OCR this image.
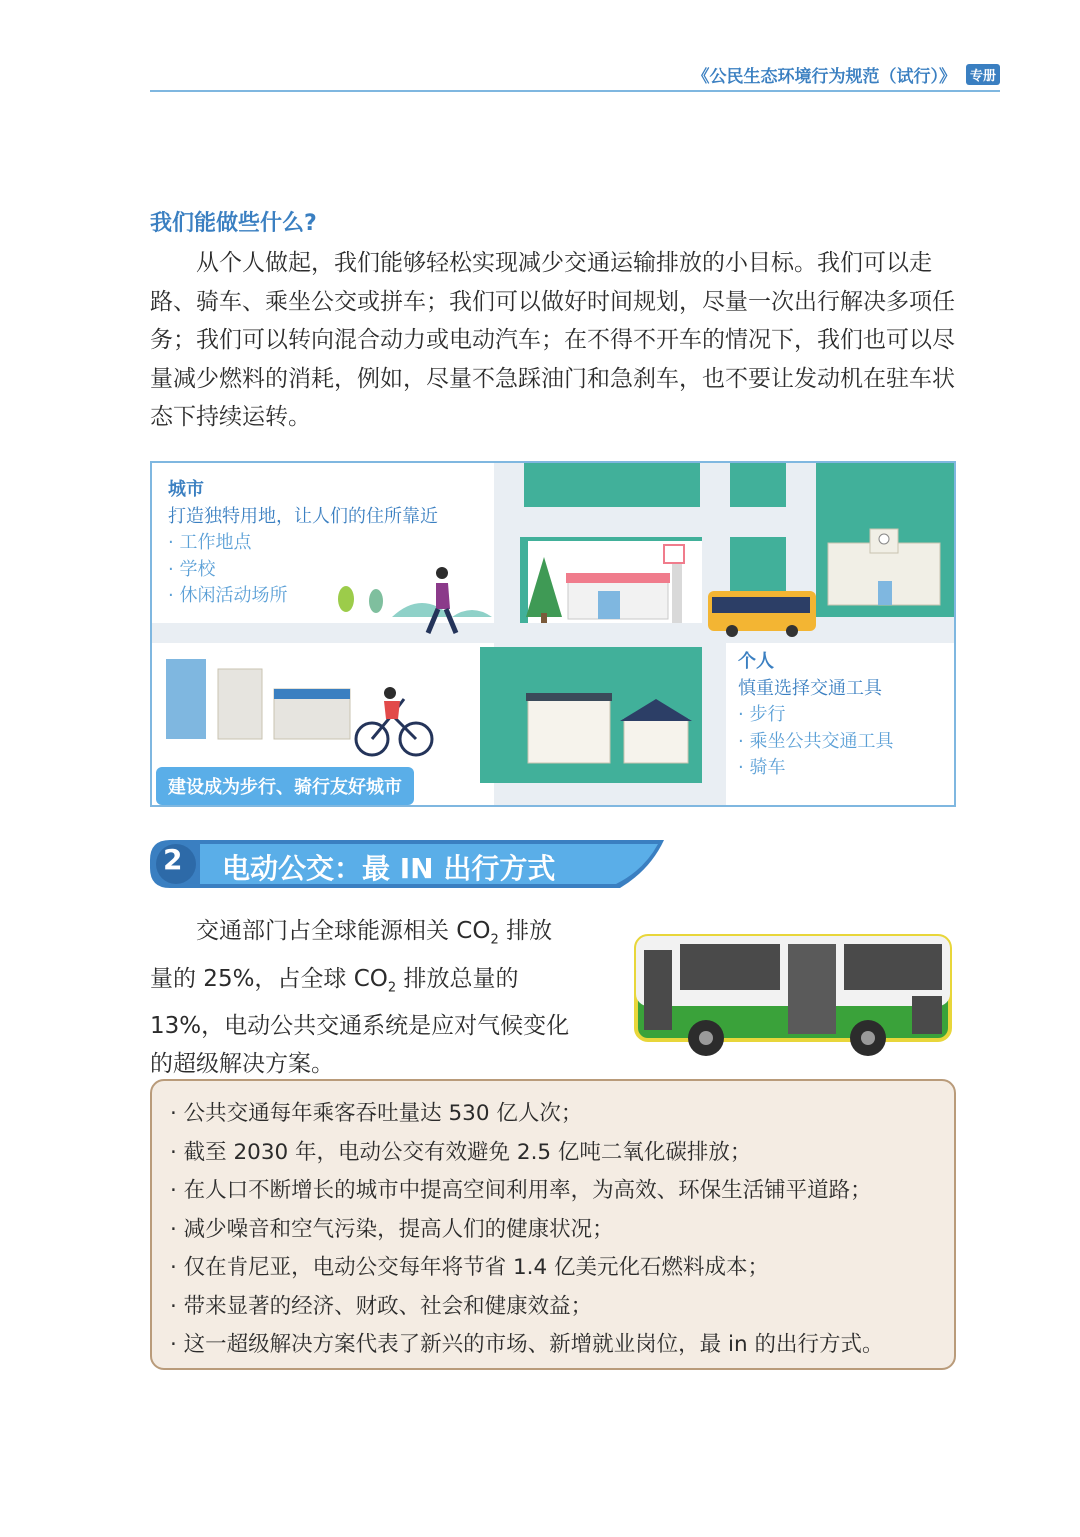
《公民生态环境行为规范（试行）》	专册
我们能做些什么?
从个人做起，我们能够轻松实现减少交通运输排放的小目标。我们可以走路、骑车、乘坐公交或拼车；我们可以做好时间规划，尽量一次出行解决多项任务；我们可以转向混合动力或电动汽车；在不得不开车的情况下，我们也可以尽量减少燃料的消耗，例如，尽量不急踩油门和急刹车，也不要让发动机在驻车状态下持续运转。
城市
打造独特用地，让人们的住所靠近
· 工作地点
· 学校
· 休闲活动场所
个人
慎重选择交通工具
· 步行
· 乘坐公共交通工具
· 骑车
建设成为步行、骑行友好城市
2 电动公交：最 IN 出行方式
交通部门占全球能源相关 $CO_2$ 排放量的 25%，占全球 $CO_2$ 排放总量的 13%，电动公共交通系统是应对气候变化的超级解决方案。
· 公共交通每年乘客吞吐量达 530 亿人次；
· 截至 2030 年，电动公交有效避免 2.5 亿吨二氧化碳排放；
· 在人口不断增长的城市中提高空间利用率，为高效、环保生活铺平道路；
· 减少噪音和空气污染，提高人们的健康状况；
· 仅在肯尼亚，电动公交每年将节省 1.4 亿美元化石燃料成本；
· 带来显著的经济、财政、社会和健康效益；
· 这一超级解决方案代表了新兴的市场、新增就业岗位，最 in 的出行方式。
